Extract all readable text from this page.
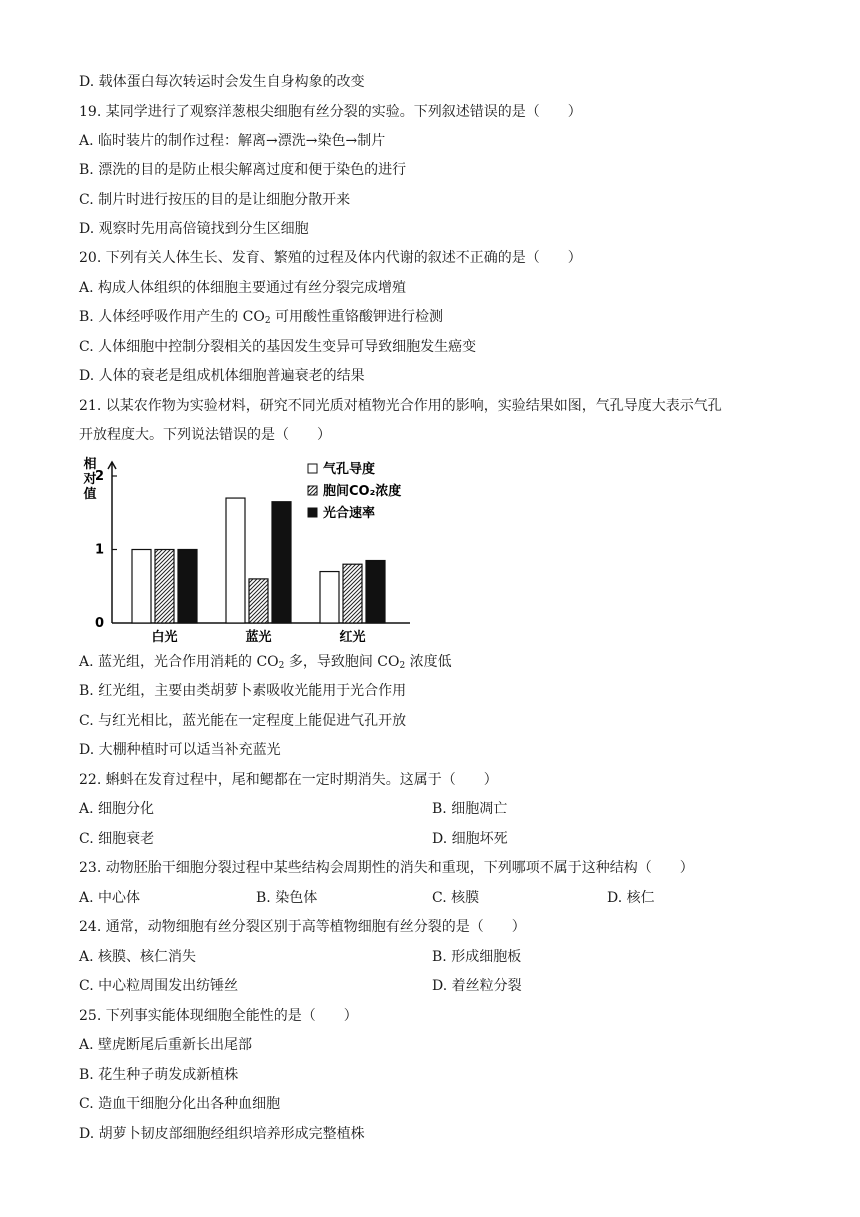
D. 载体蛋白每次转运时会发生自身构象的改变
19. 某同学进行了观察洋葱根尖细胞有丝分裂的实验。下列叙述错误的是（　　）
A. 临时装片的制作过程：解离→漂洗→染色→制片
B. 漂洗的目的是防止根尖解离过度和便于染色的进行
C. 制片时进行按压的目的是让细胞分散开来
D. 观察时先用高倍镜找到分生区细胞
20. 下列有关人体生长、发育、繁殖的过程及体内代谢的叙述不正确的是（　　）
A. 构成人体组织的体细胞主要通过有丝分裂完成增殖
B. 人体经呼吸作用产生的 $CO_2$ 可用酸性重铬酸钾进行检测
C. 人体细胞中控制分裂相关的基因发生变异可导致细胞发生癌变
D. 人体的衰老是组成机体细胞普遍衰老的结果
21. 以某农作物为实验材料，研究不同光质对植物光合作用的影响，实验结果如图，气孔导度大表示气孔
开放程度大。下列说法错误的是（　　）
0
1
2
相
对
值
白光	蓝光	红光
气孔导度
胞间CO₂浓度
光合速率
A. 蓝光组，光合作用消耗的 $CO_2$ 多，导致胞间 $CO_2$ 浓度低
B. 红光组，主要由类胡萝卜素吸收光能用于光合作用
C. 与红光相比，蓝光能在一定程度上能促进气孔开放
D. 大棚种植时可以适当补充蓝光
22. 蝌蚪在发育过程中，尾和鳃都在一定时期消失。这属于（　　）
A. 细胞分化	B. 细胞凋亡
C. 细胞衰老	D. 细胞坏死
23. 动物胚胎干细胞分裂过程中某些结构会周期性的消失和重现，下列哪项不属于这种结构（　　）
A. 中心体	B. 染色体	C. 核膜	D. 核仁
24. 通常，动物细胞有丝分裂区别于高等植物细胞有丝分裂的是（　　）
A. 核膜、核仁消失	B. 形成细胞板
C. 中心粒周围发出纺锤丝	D. 着丝粒分裂
25. 下列事实能体现细胞全能性的是（　　）
A. 壁虎断尾后重新长出尾部
B. 花生种子萌发成新植株
C. 造血干细胞分化出各种血细胞
D. 胡萝卜韧皮部细胞经组织培养形成完整植株
